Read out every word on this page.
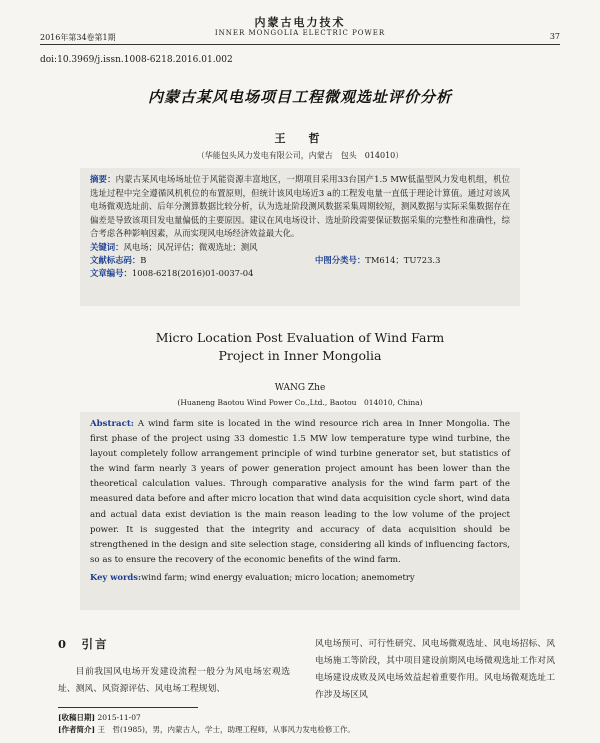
内蒙古电力技术
INNER MONGOLIA ELECTRIC POWER
2016年第34卷第1期	37
doi:10.3969/j.issn.1008-6218.2016.01.002
内蒙古某风电场项目工程微观选址评价分析
王　哲
（华能包头风力发电有限公司，内蒙古　包头　014010）
摘要：内蒙古某风电场场址位于风能资源丰富地区，一期项目采用33台国产1.5 MW低温型风力发电机组，机位选址过程中完全遵循风机机位的布置原则，但统计该风电场近3 a的工程发电量一直低于理论计算值。通过对该风电场微观选址前、后年分测算数据比较分析，认为选址阶段测风数据采集周期较短，测风数据与实际采集数据存在偏差是导致该项目发电量偏低的主要原因。建议在风电场设计、选址阶段需要保证数据采集的完整性和准确性，综合考虑各种影响因素，从而实现风电场经济效益最大化。
关键词：风电场；风况评估；微观选址；测风
文献标志码：B	中图分类号：TM614；TU723.3
文章编号：1008-6218(2016)01-0037-04
Micro Location Post Evaluation of Wind Farm
Project in Inner Mongolia
WANG Zhe
(Huaneng Baotou Wind Power Co.,Ltd., Baotou　014010, China)
Abstract: A wind farm site is located in the wind resource rich area in Inner Mongolia. The first phase of the project using 33 domestic 1.5 MW low temperature type wind turbine, the layout completely follow arrangement principle of wind turbine generator set, but statistics of the wind farm nearly 3 years of power generation project amount has been lower than the theoretical calculation values. Through comparative analysis for the wind farm part of the measured data before and after micro location that wind data acquisition cycle short, wind data and actual data exist deviation is the main reason leading to the low volume of the project power. It is suggested that the integrity and accuracy of data acquisition should be strengthened in the design and site selection stage, considering all kinds of influencing factors, so as to ensure the recovery of the economic benefits of the wind farm.
Key words:wind farm; wind energy evaluation; micro location; anemometry
0　引言
目前我国风电场开发建设流程一般分为风电场宏观选址、测风、风资源评估、风电场工程规划、
风电场预可、可行性研究、风电场微观选址、风电场招标、风电场施工等阶段，其中项目建设前期风电场微观选址工作对风电场建设成败及风电场效益起着重要作用。风电场微观选址工作涉及场区风
[收稿日期] 2015-11-07
[作者简介] 王　哲(1985)，男，内蒙古人，学士，助理工程师，从事风力发电检修工作。
